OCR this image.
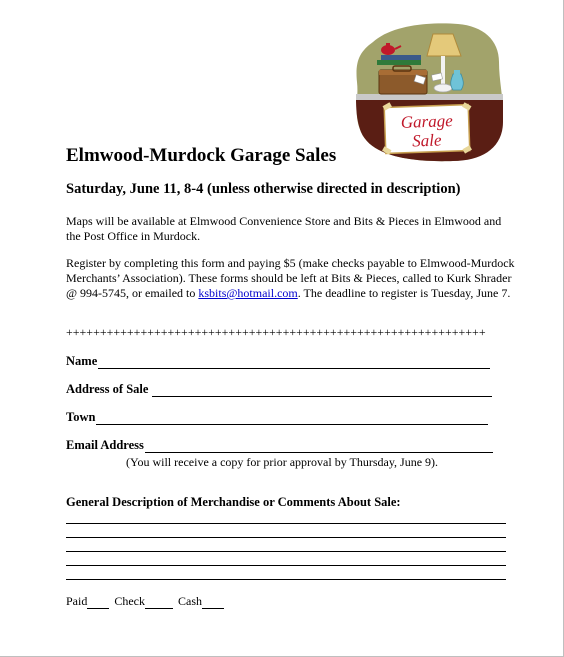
Garage
Sale
Elmwood-Murdock Garage Sales
Saturday, June 11, 8-4 (unless otherwise directed in description)
Maps will be available at Elmwood Convenience Store and Bits & Pieces in Elmwood and the Post Office in Murdock.
Register by completing this form and paying $5 (make checks payable to Elmwood-Murdock Merchants’ Association). These forms should be left at Bits & Pieces, called to Kurk Shrader @ 994-5745, or emailed to ksbits@hotmail.com. The deadline to register is Tuesday, June 7.
++++++++++++++++++++++++++++++++++++++++++++++++++++++++++++++
Name
Address of Sale
Town
Email Address
(You will receive a copy for prior approval by Thursday, June 9).
General Description of Merchandise or Comments About Sale:
Paid Check	Cash
